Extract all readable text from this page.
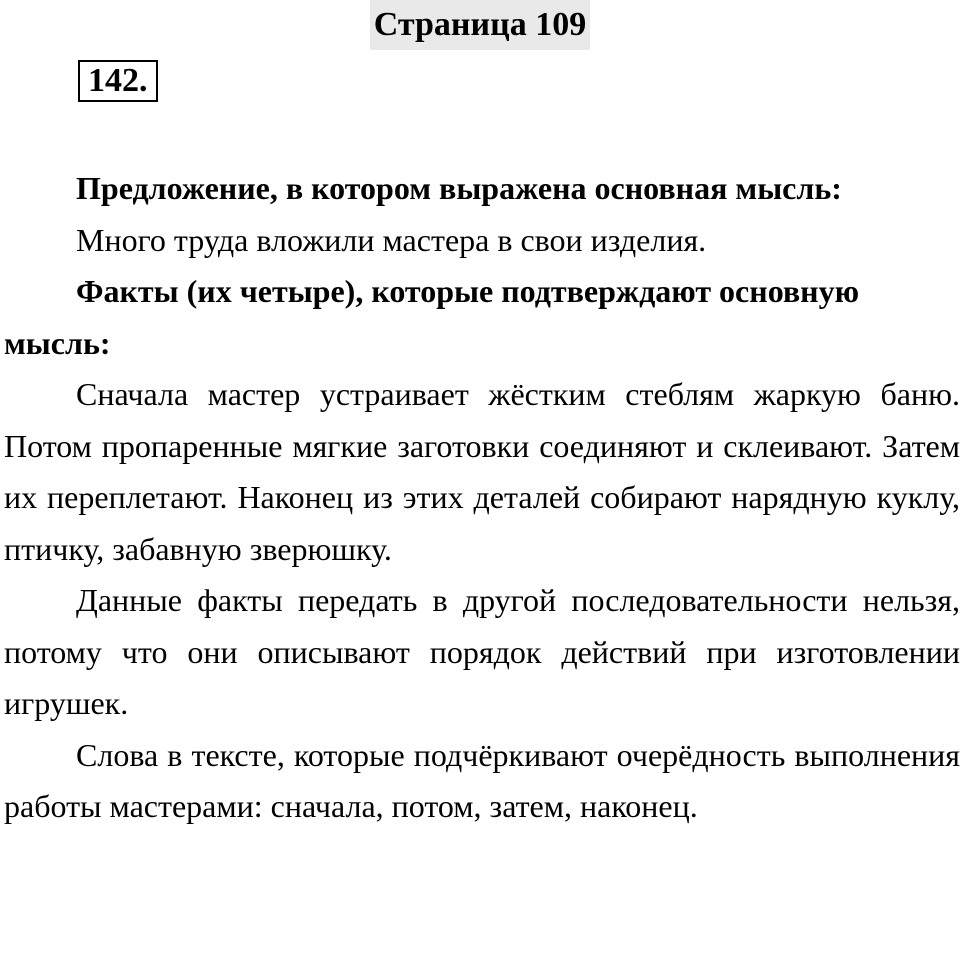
Страница 109
142.

Предложение, в котором выражена основная мысль:

Много труда вложили мастера в свои изделия.

Факты (их четыре), которые подтверждают основную мысль:

Сначала мастер устраивает жёстким стеблям жаркую баню. Потом пропаренные мягкие заготовки соединяют и склеивают. Затем их переплетают. Наконец из этих деталей собирают нарядную куклу, птичку, забавную зверюшку.

Данные факты передать в другой последовательности нельзя, потому что они описывают порядок действий при изготовлении игрушек.

Слова в тексте, которые подчёркивают очерёдность выполнения работы мастерами: сначала, потом, затем, наконец.
